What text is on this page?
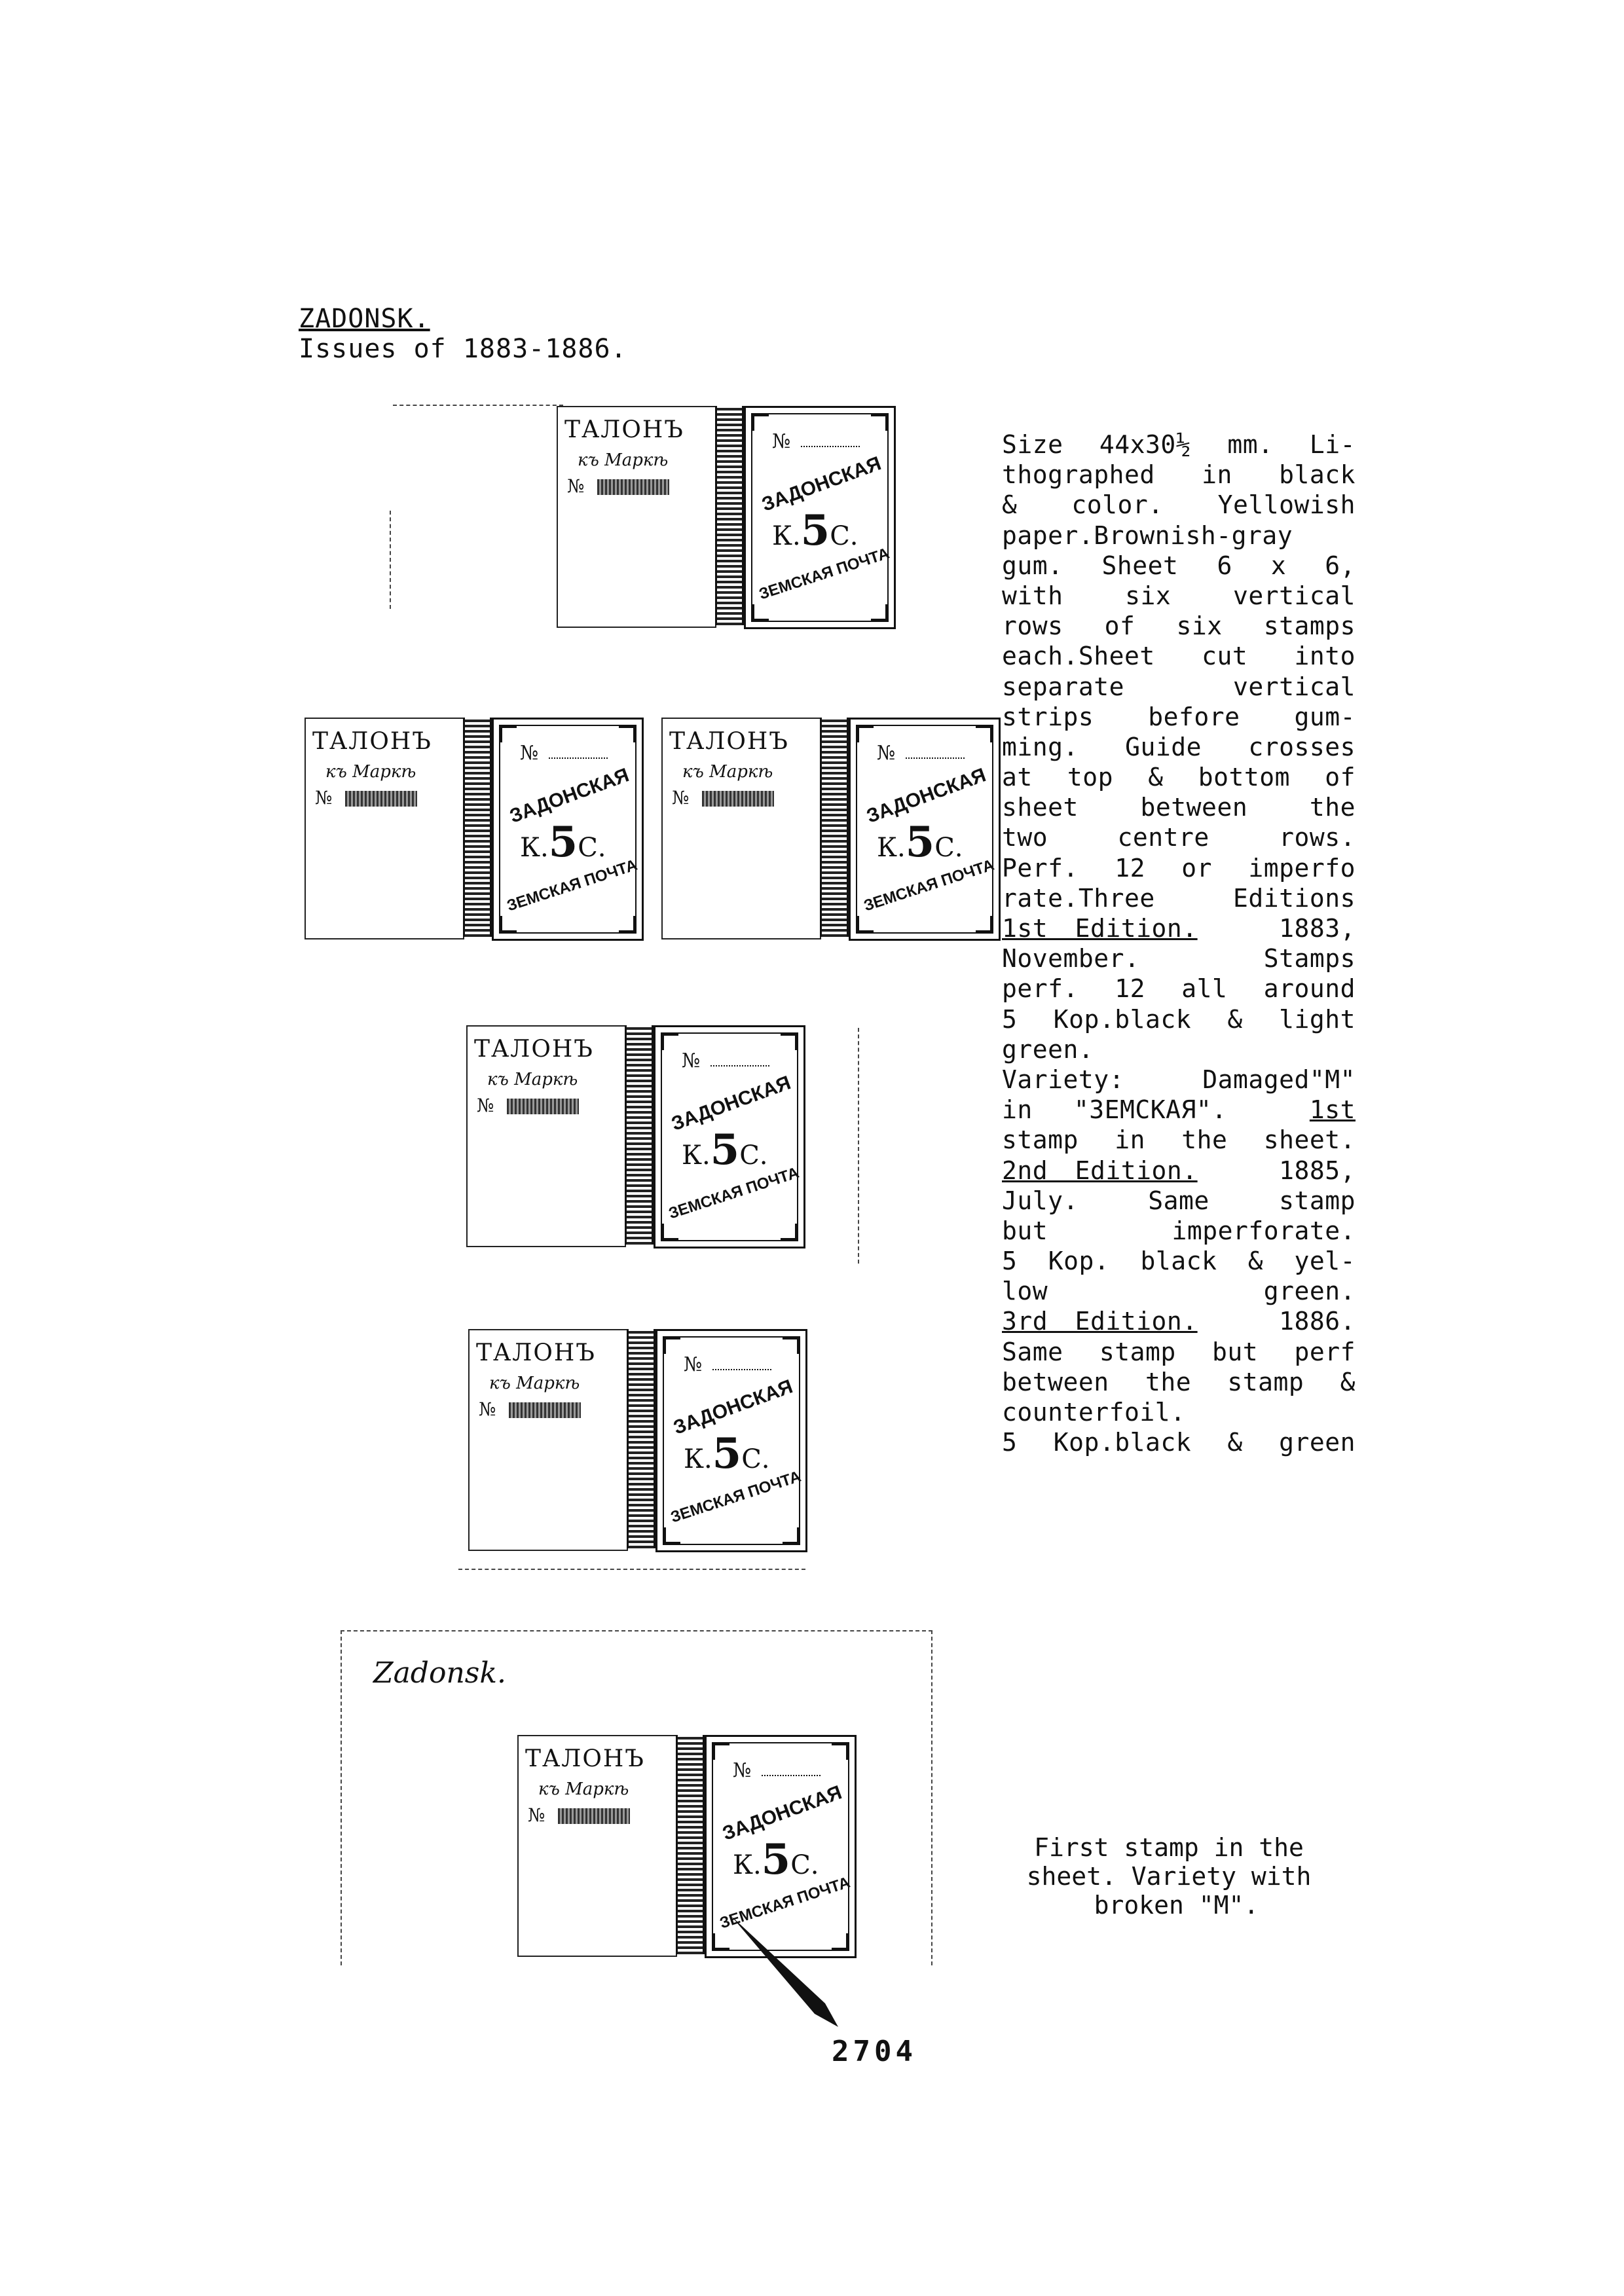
ZADONSK.
Issues of 1883-1886.
ТАЛОНЪ
къ Маркѣ
№
№
ЗАДОНСКАЯ
К.5С.
ЗЕМСКАЯ ПОЧТА
ТАЛОНЪ
къ Маркѣ
№
№
ЗАДОНСКАЯ
К.5С.
ЗЕМСКАЯ ПОЧТА
ТАЛОНЪ
къ Маркѣ
№
№
ЗАДОНСКАЯ
К.5С.
ЗЕМСКАЯ ПОЧТА
ТАЛОНЪ
къ Маркѣ
№
№
ЗАДОНСКАЯ
К.5С.
ЗЕМСКАЯ ПОЧТА
ТАЛОНЪ
къ Маркѣ
№
№
ЗАДОНСКАЯ
К.5С.
ЗЕМСКАЯ ПОЧТА
Size 44x30½ mm. Li-
thographed in black
& color. Yellowish
paper.Brownish-gray
gum. Sheet 6 x 6,
with six vertical
rows of six stamps
each.Sheet cut into
separate vertical
strips before gum-
ming. Guide crosses
at top & bottom of
sheet between the
two centre rows.
Perf. 12 or imperfo
rate.Three Editions
1st Edition.	1883,
November. Stamps
perf. 12 all around
5 Kop.black & light
green.
Variety: Damaged"M"
in "ЗЕМСКАЯ".	1st
stamp in the sheet.
2nd Edition.	1885,
July. Same stamp
but imperforate.
5 Kop. black & yel-
low green.
3rd Edition.	1886.
Same stamp but perf
between the stamp &
counterfoil.
5 Kop.black & green
Zadonsk.
ТАЛОНЪ
къ Маркѣ
№
№
ЗАДОНСКАЯ
К.5С.
ЗЕМСКАЯ ПОЧТА
First stamp in the
sheet. Variety with
broken "M".
2704
